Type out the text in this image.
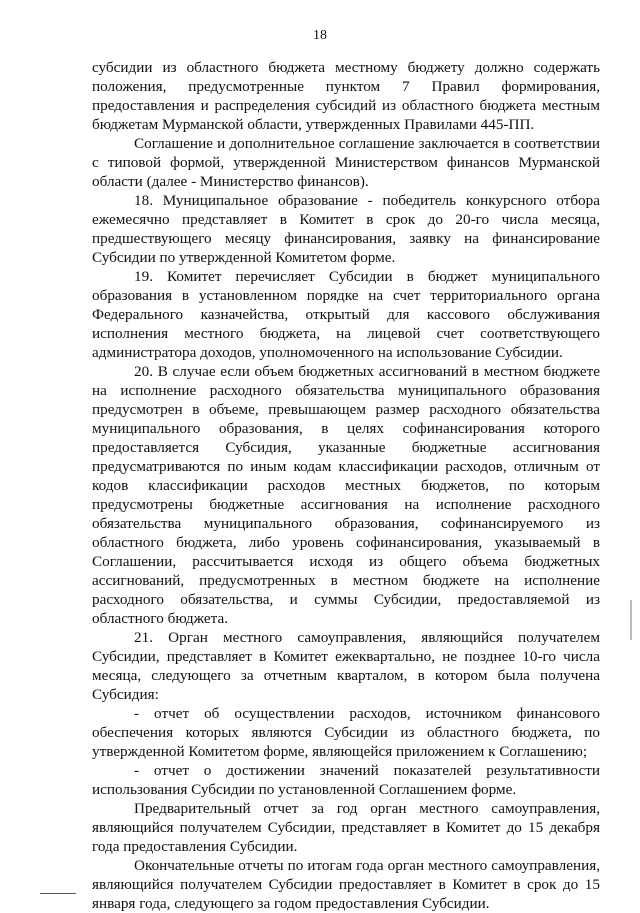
18

субсидии из областного бюджета местному бюджету должно содержать положения, предусмотренные пунктом 7 Правил формирования, предоставления и распределения субсидий из областного бюджета местным бюджетам Мурманской области, утвержденных Правилами 445-ПП.

Соглашение и дополнительное соглашение заключается в соответствии с типовой формой, утвержденной Министерством финансов Мурманской области (далее - Министерство финансов).

18. Муниципальное образование - победитель конкурсного отбора ежемесячно представляет в Комитет в срок до 20-го числа месяца, предшествующего месяцу финансирования, заявку на финансирование Субсидии по утвержденной Комитетом форме.

19. Комитет перечисляет Субсидии в бюджет муниципального образования в установленном порядке на счет территориального органа Федерального казначейства, открытый для кассового обслуживания исполнения местного бюджета, на лицевой счет соответствующего администратора доходов, уполномоченного на использование Субсидии.

20. В случае если объем бюджетных ассигнований в местном бюджете на исполнение расходного обязательства муниципального образования предусмотрен в объеме, превышающем размер расходного обязательства муниципального образования, в целях софинансирования которого предоставляется Субсидия, указанные бюджетные ассигнования предусматриваются по иным кодам классификации расходов, отличным от кодов классификации расходов местных бюджетов, по которым предусмотрены бюджетные ассигнования на исполнение расходного обязательства муниципального образования, софинансируемого из областного бюджета, либо уровень софинансирования, указываемый в Соглашении, рассчитывается исходя из общего объема бюджетных ассигнований, предусмотренных в местном бюджете на исполнение расходного обязательства, и суммы Субсидии, предоставляемой из областного бюджета.

21. Орган местного самоуправления, являющийся получателем Субсидии, представляет в Комитет ежеквартально, не позднее 10-го числа месяца, следующего за отчетным кварталом, в котором была получена Субсидия:

- отчет об осуществлении расходов, источником финансового обеспечения которых являются Субсидии из областного бюджета, по утвержденной Комитетом форме, являющейся приложением к Соглашению;

- отчет о достижении значений показателей результативности использования Субсидии по установленной Соглашением форме.

Предварительный отчет за год орган местного самоуправления, являющийся получателем Субсидии, представляет в Комитет до 15 декабря года предоставления Субсидии.

Окончательные отчеты по итогам года орган местного самоуправления, являющийся получателем Субсидии предоставляет в Комитет в срок до 15 января года, следующего за годом предоставления Субсидии.
